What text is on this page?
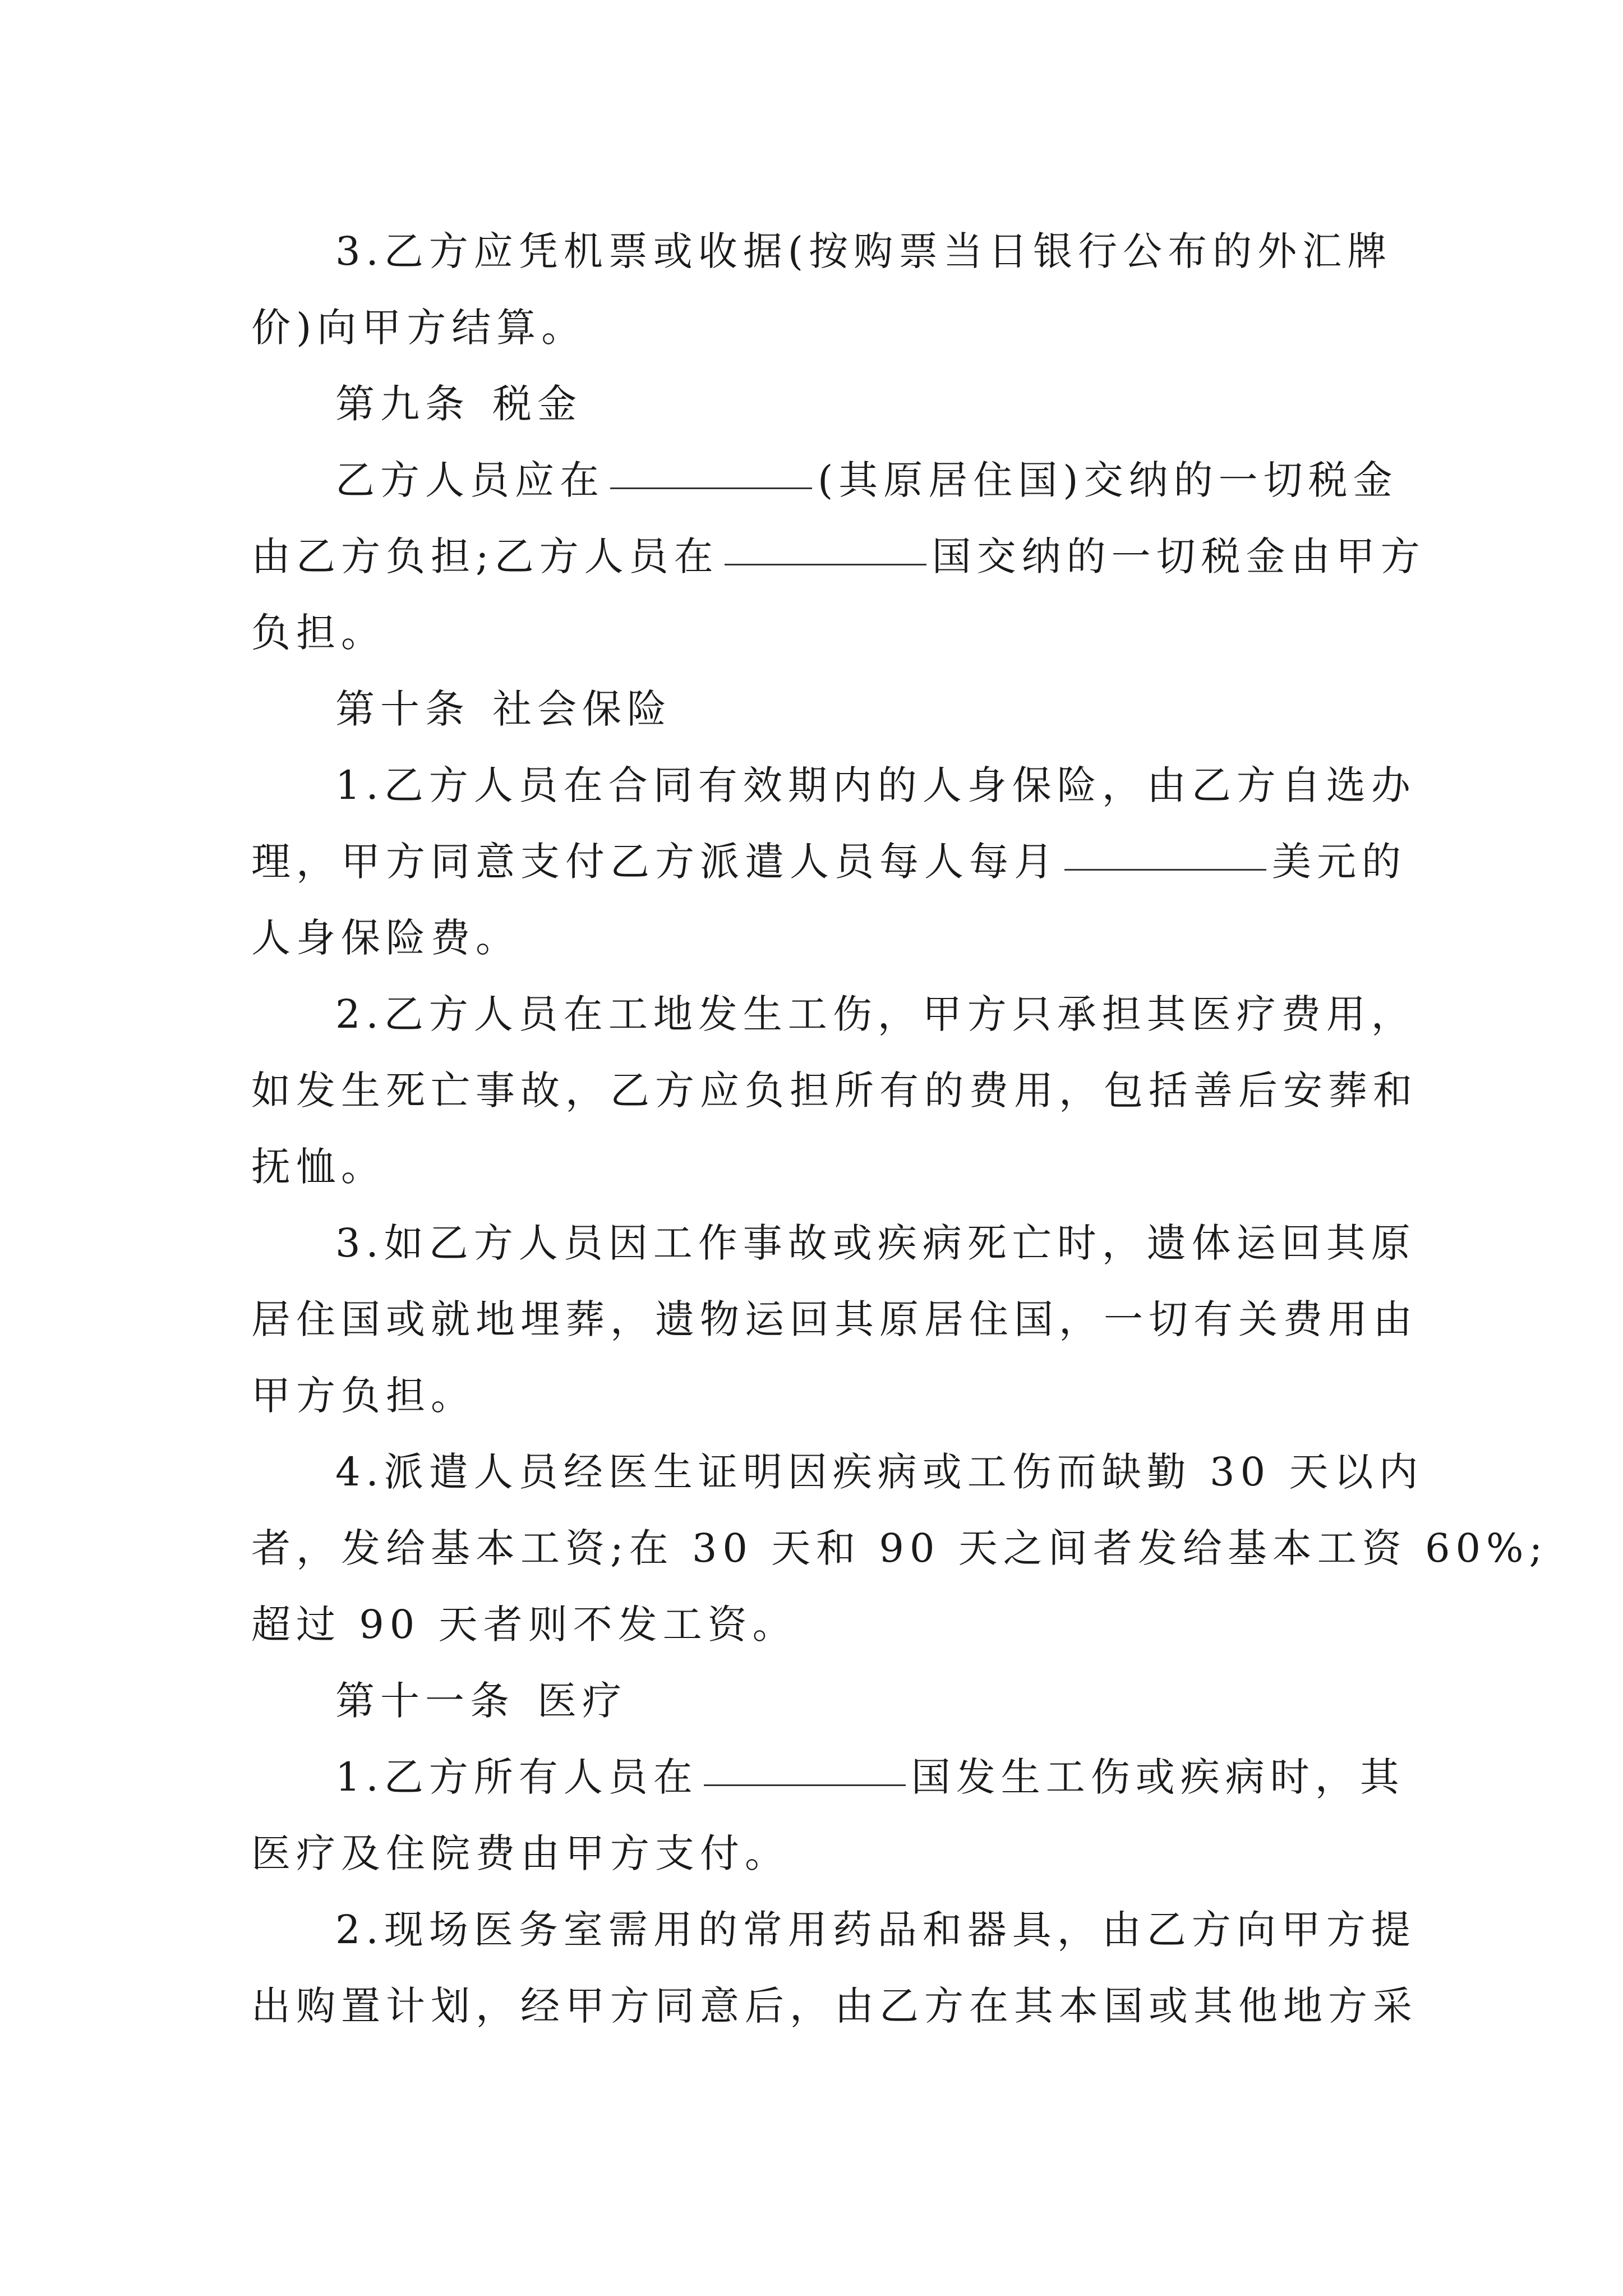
3.乙方应凭机票或收据(按购票当日银行公布的外汇牌
价)向甲方结算。
第九条 税金
乙方人员应在	(其原居住国)交纳的一切税金
由乙方负担;乙方人员在	国交纳的一切税金由甲方
负担。
第十条 社会保险
1.乙方人员在合同有效期内的人身保险，由乙方自选办
理，甲方同意支付乙方派遣人员每人每月	美元的
人身保险费。
2.乙方人员在工地发生工伤，甲方只承担其医疗费用，
如发生死亡事故，乙方应负担所有的费用，包括善后安葬和
抚恤。
3.如乙方人员因工作事故或疾病死亡时，遗体运回其原
居住国或就地埋葬，遗物运回其原居住国，一切有关费用由
甲方负担。
4.派遣人员经医生证明因疾病或工伤而缺勤 30 天以内
者，发给基本工资;在 30 天和 90 天之间者发给基本工资 60%;
超过 90 天者则不发工资。
第十一条 医疗
1.乙方所有人员在	国发生工伤或疾病时，其
医疗及住院费由甲方支付。
2.现场医务室需用的常用药品和器具，由乙方向甲方提
出购置计划，经甲方同意后，由乙方在其本国或其他地方采
